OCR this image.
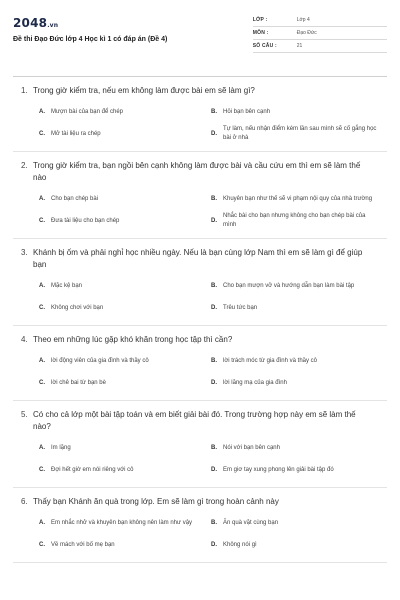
2048.vn
Đề thi Đạo Đức lớp 4 Học kì 1 có đáp án (Đề 4)
LỚP :	Lớp 4
MÔN :	Đạo Đức
SỐ CÂU :	21
1. Trong giờ kiểm tra, nếu em không làm được bài em sẽ làm gì?
A.	Mượn bài của bạn để chép	B.	Hỏi bạn bên cạnh
C.	Mở tài liệu ra chép	D.
Tự làm, nếu nhận điểm kém lần sau mình sẽ cố gắng học bài ở nhà
2. Trong giờ kiểm tra, bạn ngồi bên cạnh không làm được bài và cầu cứu em thì em sẽ làm thế nào
A.	Cho bạn chép bài	B.	Khuyên bạn như thế sẽ vi phạm nội quy của nhà trường
C.	Đưa tài liệu cho bạn chép	D.
Nhắc bài cho bạn nhưng không cho bạn chép bài của mình
3. Khánh bị ốm và phải nghỉ học nhiều ngày. Nếu là bạn cùng lớp Nam thì em sẽ làm gì để giúp bạn
A.	Mặc kệ bạn	B.	Cho bạn mượn vở và hướng dẫn bạn làm bài tập
C.	Không chơi với bạn	D.	Trêu tức bạn
4. Theo em những lúc gặp khó khăn trong học tập thì cần?
A.	lời động viên của gia đình và thầy cô	B.	lời trách móc từ gia đình và thầy cô
C.	lời chê bai từ bạn bè	D.	lời lăng mạ của gia đình
5. Có cho cả lớp một bài tập toán và em biết giải bài đó. Trong trường hợp này em sẽ làm thế nào?
A.	Im lặng	B.	Nói với bạn bên cạnh
C.	Đợi hết giờ em nói riêng với cô	D.	Em giơ tay xung phong lên giải bài tập đó
6. Thấy bạn Khánh ăn quà trong lớp. Em sẽ làm gì trong hoàn cảnh này
A.	Em nhắc nhở và khuyên bạn không nên làm như vậy	B.	Ăn quà vặt cùng bạn
C.	Về mách với bố mẹ bạn	D.	Không nói gì
